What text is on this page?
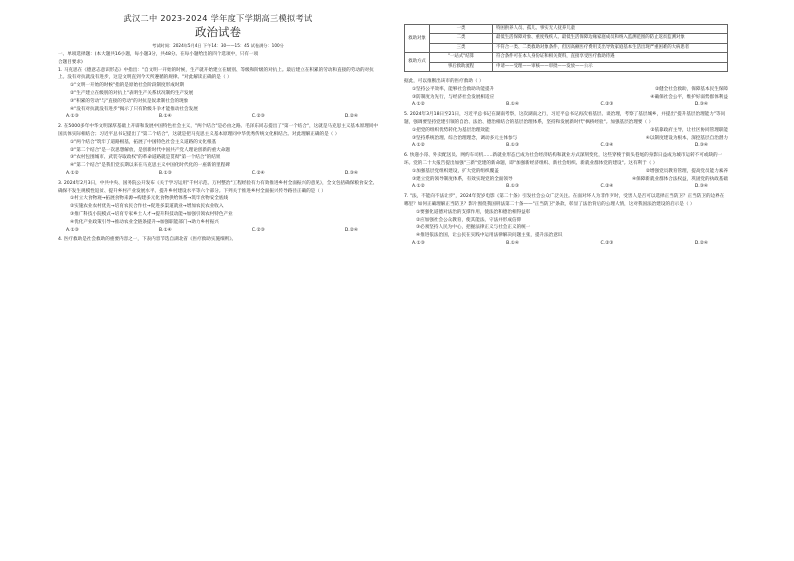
武汉二中 2023-2024 学年度下学期高三模拟考试
政治试卷
考试时间：2024年5月4日 下午14：30——15：45 试卷满分：100分

一、单项选择题：(本大题共16小题，每小题3分，共48分。在每小题给出的四个选项中，只有一项

合题目要求)

1. 马克思在《德意志意识形态》中指出："自文明一开始的时候，生产就开始建立在级别、等级和阶级的对抗上。最后建立在积累的劳动和直接的劳动的对抗上。没有对抗就没有进步，这是文明直到今天所遵循的规律。"对此解读正确的是（ ）

①"文明一开始的时候"指的是原始社会阶段制度形成时期

②"生产建立在级别的对抗上"表明生产关系状况制约生产发展

③"积累的劳动"与"直接的劳动"的对抗是奴隶制社会的现象

④"没有对抗就没有进步"揭示了只有阶级斗争才能推动社会发展

A.①③	B.①④	C.②③	D.②④

2. 在5000多年中华文明深厚基础上开辟和发展中国特色社会主义，"两个结合"是必由之路。毛泽东同志提出了"第一个结合"，这就是马克思主义基本原理同中国具体实际相结合；习近平总书记提出了"第二个结合"，这就是把马克思主义基本原理同中华优秀传统文化相结合。对此理解正确的是（ ）

①"两个结合"筑牢了道路根基，拓展了中国特色社会主义道路的文化根基

②"第二个结合"是一次思想解放，是创新时代中国共产党人理论创新的重大命题

③"农村包围城市、武装夺取政权"的革命道路就是贯彻"第一个结合"的结果

④"第二个结合"是我们党长期以来在马克思主义中国化时代化的一座新的里程碑

A.①②	B.①③	C.②④	D.③④

3. 2024年2月3日，中共中央、国务院公开发布《关于学习运用"千村示范、万村整治"工程经验有力有效推进乡村全面振兴的意见》，全文包括确保粮食安全、确保不发生规模性返贫、提升乡村产业发展水平、提升乡村建设水平等六个部分。下列关于推进乡村全面振兴传导路径正确的是（ ）

①村立大食物观→拓展食物来源→构建多元化食物供给体系→筑牢食物安全底线

②实施农业农村优先→培育农民合作社→促进多渠道就业→增加农民农业收入

③推广科技小院模式→培育专家乡土人才→提升科技动能→加强引领农村特色产业

④优化产业政策引导→推动农业全链条提升→加强职能部门→助力乡村振兴

A.①③	B.①④	C.②③	D.②④

4. 医疗救助是社会救助的重要内容之一，下表内容节选自湖北省《医疗救助实施细则》。

救助对象	一类	特困供养人员、孤儿、事实无人抚养儿童
	二类	最低生活保障对象、重度残疾人、最低生活保障边缘家庭成员和纳入监测范围的防止返贫监测对象
	三类	不符合一类、二类救助对象条件，但因高额医疗费用支出导致家庭基本生活出现严重困难的大病患者
救助方式	"一站式"结算	符合条件可在本人身份证和相关资料，直接享受医疗救助待遇
	事后救助流程	申请——受理——审核——审批——发放——公示

据此，可以推断出该市的医疗救助（ ）

①坚持公平效率，能够社会救助功能提升	②健全社会救助，保障基本民生保障
③防制度为先行，与经济社会发展相适应	④确保社会公平，维护好弱势群体利益
A.①②	B.①④	C.②③	D.③④

5. 2024年3月18日至21日，习近平总书记在湖南考察，这次湖南之行，习近平总书记再次看基层、谈治理，考察了基层城乡，并提出"提升基层治理能力"等问题，强调要坚持党建引领的自治、法治、德治相结合的基层治理体系，坚持和发展新时代"枫桥经验"。加强基层治理要（ ）

①把党的组织优势转化为基层治理效能	②依靠政府主导，让社区协同管理职能
③坚持系统治理、综合治理理念，调动多元主体参与	④以制度建设为根本，深挖基层自治潜力
A.①②	B.①③	C.②④	D.③④

6. 快递小哥、外卖配送员、网约车司机……新就业形态已成为社会经济结构和就业方式深刻变化，这些穿梭于街头巷尾的身影日益成为城市运转不可或缺的一环。党的二十大报告提出加强"三新"党建的新命题，即"加强新经济组织、新社会组织、新就业群体党的建设"。这有利于（ ）

①加强基层党组织建设，扩大党的组织覆盖	②增强党员教育管理，提高党员能力素养
③建立党的领导制度体系，有效实现党的全面领导	④保障新就业群体合法权益，巩固党的执政基础
A.①②	B.①③	C.②④	D.③④

7. "法，不能向不法让步"，2024年贺岁电影《第二十条》引发社会公众广泛关注。在面对坏人为非作歹时，受害人是否可以选择正当防卫？正当防卫的边界在哪里？如何正确理解正当防卫？影片围绕我国刑法第二十条——"正当防卫"条款，彰显了法治背后的公理人情，这对我国法治建设的启示是（ ）

①要强化道德对法治的支撑作用，使法治和德治相得益彰

②应加强社会公众教育，使其能法、守法并形成信仰

③必须坚持人民为中心，把握法律正义与社会正义的统一

④推进依法治国，让公民在实践中运用法律解决问题主张，提升法治意识

A.①③	B.①④	C.②③	D.②④
